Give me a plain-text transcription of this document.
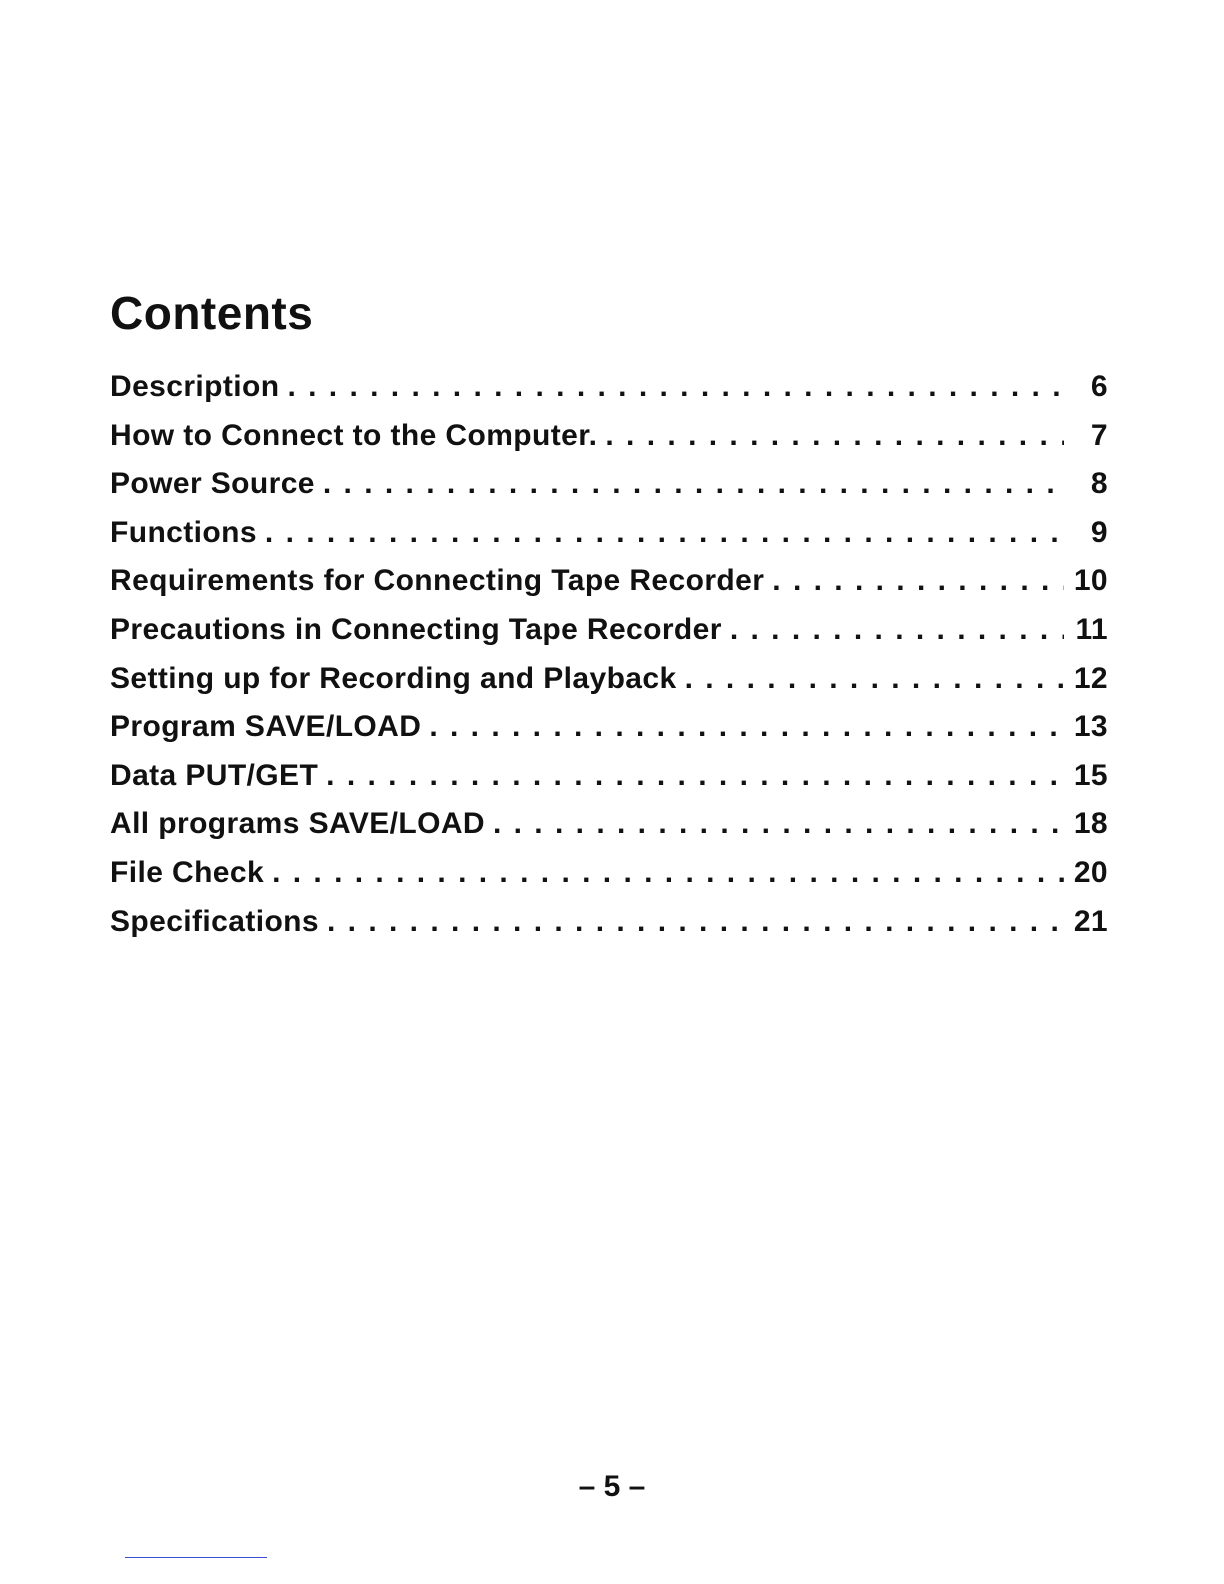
Contents
Description . . .	6
How to Connect to the Computer. . . .	7
Power Source . . .	8
Functions . . .	9
Requirements for Connecting Tape Recorder . . .	10
Precautions in Connecting Tape Recorder . . .	11
Setting up for Recording and Playback . . .	12
Program SAVE/LOAD . . .	13
Data PUT/GET . . .	15
All programs SAVE/LOAD . . .	18
File Check . . .	20
Specifications . . .	21
– 5 –
